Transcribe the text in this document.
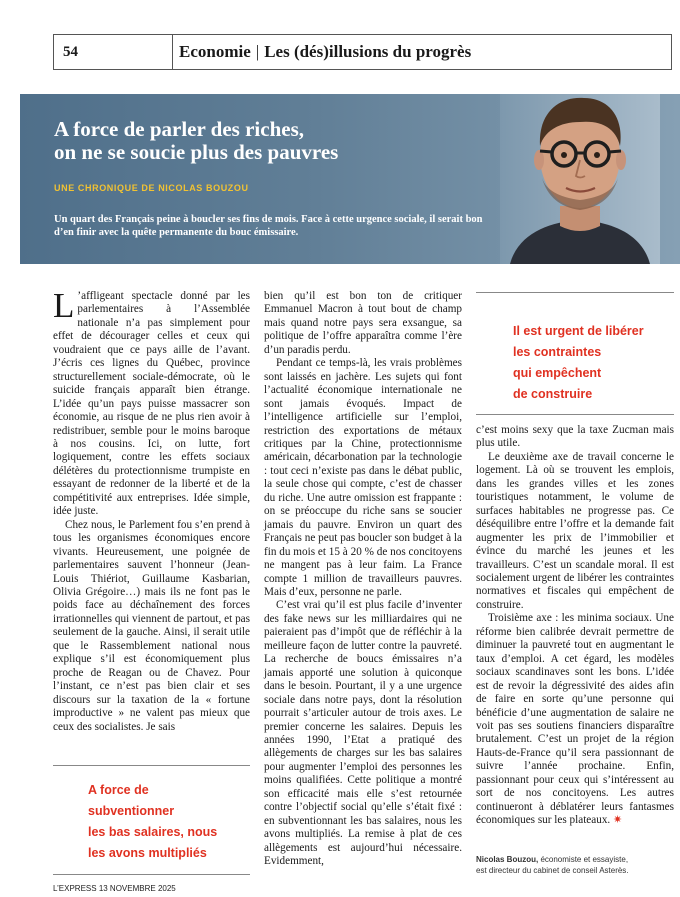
54	Economie | Les (dés)illusions du progrès
A force de parler des riches,
on ne se soucie plus des pauvres
UNE CHRONIQUE DE NICOLAS BOUZOU
Un quart des Français peine à boucler ses fins de mois. Face à cette urgence sociale, il serait bon d’en finir avec la quête permanente du bouc émissaire.

L ’affligeant spectacle donné par les parlementaires à l’Assemblée nationale n’a pas simplement pour effet de décourager celles et ceux qui voudraient que ce pays aille de l’avant. J’écris ces lignes du Québec, province structurellement sociale-démocrate, où le suicide français apparaît bien étrange. L’idée qu’un pays puisse massacrer son économie, au risque de ne plus rien avoir à redistribuer, semble pour le moins baroque à nos cousins. Ici, on lutte, fort logiquement, contre les effets sociaux délétères du protectionnisme trumpiste en essayant de redonner de la liberté et de la compétitivité aux entreprises. Idée simple, idée juste.

Chez nous, le Parlement fou s’en prend à tous les organismes économiques encore vivants. Heureusement, une poignée de parlementaires sauvent l’honneur (Jean-Louis Thiériot, Guillaume Kasbarian, Olivia Grégoire…) mais ils ne font pas le poids face au déchaînement des forces irrationnelles qui viennent de partout, et pas seulement de la gauche. Ainsi, il serait utile que le Rassemblement national nous explique s’il est économiquement plus proche de Reagan ou de Chavez. Pour l’instant, ce n’est pas bien clair et ses discours sur la taxation de la « fortune improductive » ne valent pas mieux que ceux des socialistes. Je sais

bien qu’il est bon ton de critiquer Emmanuel Macron à tout bout de champ mais quand notre pays sera exsangue, sa politique de l’offre apparaîtra comme l’ère d’un paradis perdu.

Pendant ce temps-là, les vrais problèmes sont laissés en jachère. Les sujets qui font l’actualité économique internationale ne sont jamais évoqués. Impact de l’intelligence artificielle sur l’emploi, restriction des exportations de métaux critiques par la Chine, protectionnisme américain, décarbonation par la technologie : tout ceci n’existe pas dans le débat public, la seule chose qui compte, c’est de chasser du riche. Une autre omission est frappante : on se préoccupe du riche sans se soucier jamais du pauvre. Environ un quart des Français ne peut pas boucler son budget à la fin du mois et 15 à 20 % de nos concitoyens ne mangent pas à leur faim. La France compte 1 million de travailleurs pauvres. Mais d’eux, personne ne parle.

C’est vrai qu’il est plus facile d’inventer des fake news sur les milliardaires qui ne paieraient pas d’impôt que de réfléchir à la meilleure façon de lutter contre la pauvreté. La recherche de boucs émissaires n’a jamais apporté une solution à quiconque dans le besoin. Pourtant, il y a une urgence sociale dans notre pays, dont la résolution pourrait s’articuler autour de trois axes. Le premier concerne les salaires. Depuis les années 1990, l’Etat a pratiqué des allègements de charges sur les bas salaires pour augmenter l’emploi des personnes les moins qualifiées. Cette politique a montré son efficacité mais elle s’est retournée contre l’objectif social qu’elle s’était fixé : en subventionnant les bas salaires, nous les avons multipliés. La remise à plat de ces allègements est aujourd’hui nécessaire. Evidemment,

c’est moins sexy que la taxe Zucman mais plus utile.

Le deuxième axe de travail concerne le logement. Là où se trouvent les emplois, dans les grandes villes et les zones touristiques notamment, le volume de surfaces habitables ne progresse pas. Ce déséquilibre entre l’offre et la demande fait augmenter les prix de l’immobilier et évince du marché les jeunes et les travailleurs. C’est un scandale moral. Il est socialement urgent de libérer les contraintes normatives et fiscales qui empêchent de construire.

Troisième axe : les minima sociaux. Une réforme bien calibrée devrait permettre de diminuer la pauvreté tout en augmentant le taux d’emploi. A cet égard, les modèles sociaux scandinaves sont les bons. L’idée est de revoir la dégressivité des aides afin de faire en sorte qu’une personne qui bénéficie d’une augmentation de salaire ne voit pas ses soutiens financiers disparaître brutalement. C’est un projet de la région Hauts-de-France qu’il sera passionnant de suivre l’année prochaine. Enfin, passionnant pour ceux qui s’intéressent au sort de nos concitoyens. Les autres continueront à déblatérer leurs fantasmes économiques sur les plateaux. ✷

Il est urgent de libérer
les contraintes
qui empêchent
de construire
A force de
subventionner
les bas salaires, nous
les avons multipliés	Nicolas Bouzou, économiste et essayiste,
est directeur du cabinet de conseil Asterès.
L’EXPRESS 13 NOVEMBRE 2025
